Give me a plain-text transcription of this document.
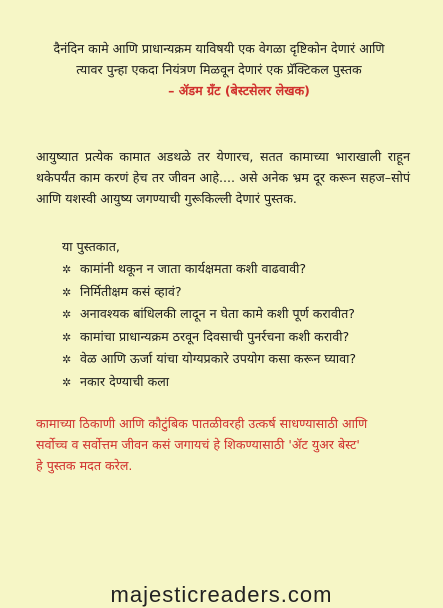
दैनंदिन कामे आणि प्राधान्यक्रम याविषयी एक वेगळा दृष्टिकोन देणारं आणि
त्यावर पुन्हा एकदा नियंत्रण मिळवून देणारं एक प्रॅक्टिकल पुस्तक
– ॲडम ग्रँट (बेस्टसेलर लेखक)

आयुष्यात प्रत्येक कामात अडथळे तर येणारच, सतत कामाच्या भाराखाली राहून थकेपर्यंत काम करणं हेच तर जीवन आहे.... असे अनेक भ्रम दूर करून सहज–सोपं आणि यशस्वी आयुष्य जगण्याची गुरूकिल्ली देणारं पुस्तक.

या पुस्तकात,
✲ कामांनी थकून न जाता कार्यक्षमता कशी वाढवावी?
✲ निर्मितीक्षम कसं व्हावं?
✲ अनावश्यक बांधिलकी लादून न घेता कामे कशी पूर्ण करावीत?
✲ कामांचा प्राधान्यक्रम ठरवून दिवसाची पुनर्रचना कशी करावी?
✲ वेळ आणि ऊर्जा यांचा योग्यप्रकारे उपयोग कसा करून घ्यावा?
✲ नकार देण्याची कला
कामाच्या ठिकाणी आणि कौटुंबिक पातळीवरही उत्कर्ष साधण्यासाठी आणि
सर्वोच्च व सर्वोत्तम जीवन कसं जगायचं हे शिकण्यासाठी 'ॲट युअर बेस्ट'
हे पुस्तक मदत करेल.
majesticreaders.com
